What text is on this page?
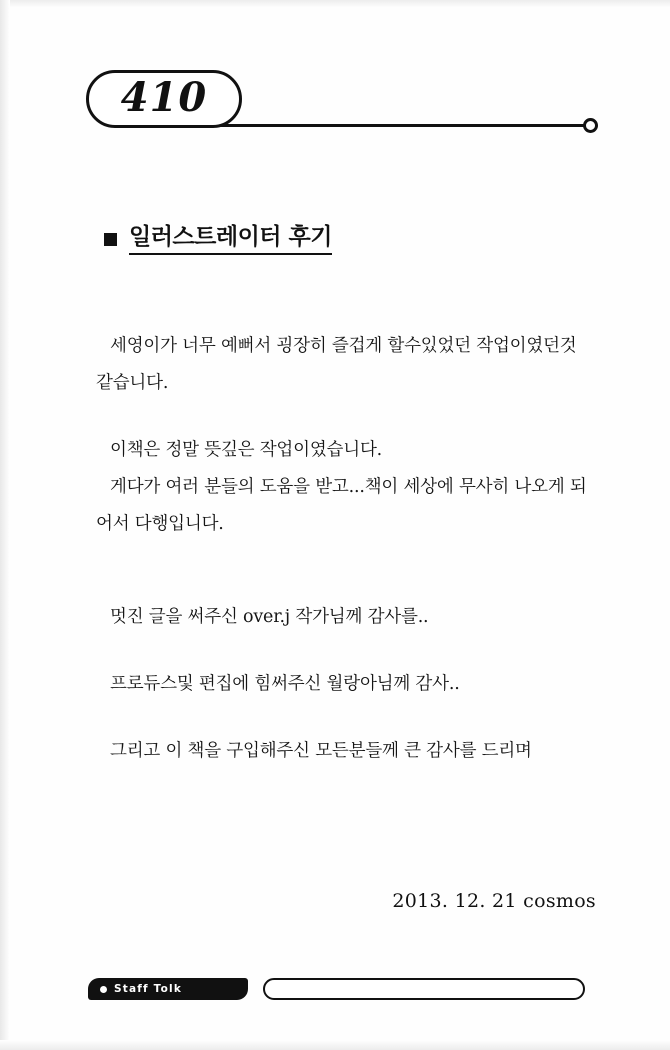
410
일러스트레이터 후기

세영이가 너무 예뻐서 굉장히 즐겁게 할수있었던 작업이였던것 같습니다.

이책은 정말 뜻깊은 작업이였습니다.

게다가 여러 분들의 도움을 받고...책이 세상에 무사히 나오게 되어서 다행입니다.

멋진 글을 써주신 over.j 작가님께 감사를..

프로듀스및 편집에 힘써주신 월랑아님께 감사..

그리고 이 책을 구입해주신 모든분들께 큰 감사를 드리며

2013. 12. 21 cosmos
Staff Tolk
